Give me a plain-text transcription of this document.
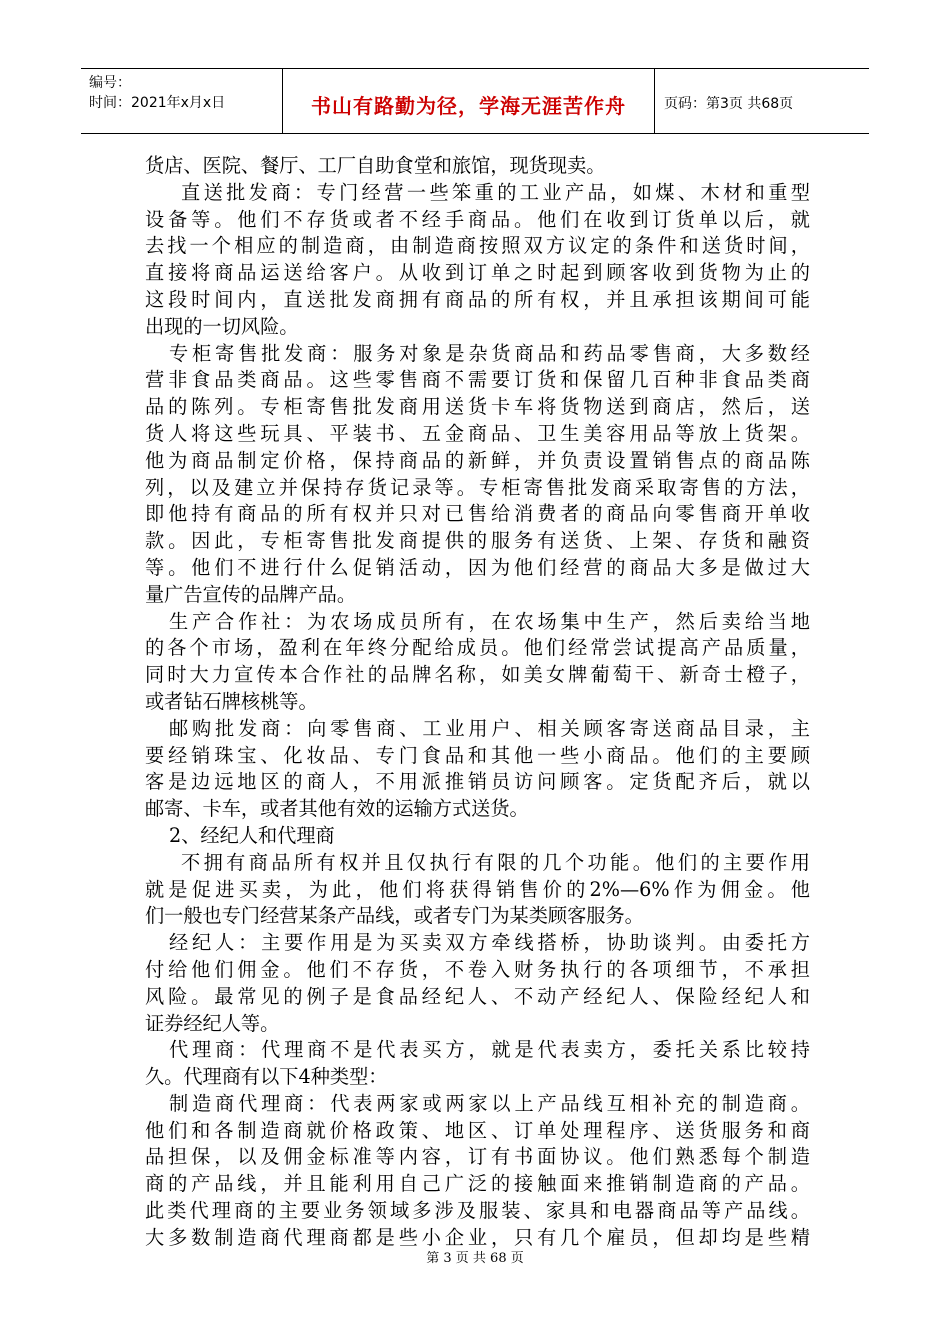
编号：
时间：2021年x月x日	书山有路勤为径，学海无涯苦作舟	页码：第3页 共68页
货店、医院、餐厅、工厂自助食堂和旅馆，现货现卖。
直送批发商：专门经营一些笨重的工业产品，如煤、木材和重型
设备等。他们不存货或者不经手商品。他们在收到订货单以后，就
去找一个相应的制造商，由制造商按照双方议定的条件和送货时间，
直接将商品运送给客户。从收到订单之时起到顾客收到货物为止的
这段时间内，直送批发商拥有商品的所有权，并且承担该期间可能
出现的一切风险。
专柜寄售批发商：服务对象是杂货商品和药品零售商，大多数经
营非食品类商品。这些零售商不需要订货和保留几百种非食品类商
品的陈列。专柜寄售批发商用送货卡车将货物送到商店，然后，送
货人将这些玩具、平装书、五金商品、卫生美容用品等放上货架。
他为商品制定价格，保持商品的新鲜，并负责设置销售点的商品陈
列，以及建立并保持存货记录等。专柜寄售批发商采取寄售的方法，
即他持有商品的所有权并只对已售给消费者的商品向零售商开单收
款。因此，专柜寄售批发商提供的服务有送货、上架、存货和融资
等。他们不进行什么促销活动，因为他们经营的商品大多是做过大
量广告宣传的品牌产品。
生产合作社：为农场成员所有，在农场集中生产，然后卖给当地
的各个市场，盈利在年终分配给成员。他们经常尝试提高产品质量，
同时大力宣传本合作社的品牌名称，如美女牌葡萄干、新奇士橙子，
或者钻石牌核桃等。
邮购批发商：向零售商、工业用户、相关顾客寄送商品目录，主
要经销珠宝、化妆品、专门食品和其他一些小商品。他们的主要顾
客是边远地区的商人，不用派推销员访问顾客。定货配齐后，就以
邮寄、卡车，或者其他有效的运输方式送货。
2、经纪人和代理商
不拥有商品所有权并且仅执行有限的几个功能。他们的主要作用
就是促进买卖，为此，他们将获得销售价的2%—6%作为佣金。他
们一般也专门经营某条产品线，或者专门为某类顾客服务。
经纪人：主要作用是为买卖双方牵线搭桥，协助谈判。由委托方
付给他们佣金。他们不存货，不卷入财务执行的各项细节，不承担
风险。最常见的例子是食品经纪人、不动产经纪人、保险经纪人和
证券经纪人等。
代理商：代理商不是代表买方，就是代表卖方，委托关系比较持
久。代理商有以下4种类型：
制造商代理商：代表两家或两家以上产品线互相补充的制造商。
他们和各制造商就价格政策、地区、订单处理程序、送货服务和商
品担保，以及佣金标准等内容，订有书面协议。他们熟悉每个制造
商的产品线，并且能利用自己广泛的接触面来推销制造商的产品。
此类代理商的主要业务领域多涉及服装、家具和电器商品等产品线。
大多数制造商代理商都是些小企业，只有几个雇员，但却均是些精
第 3 页 共 68 页
